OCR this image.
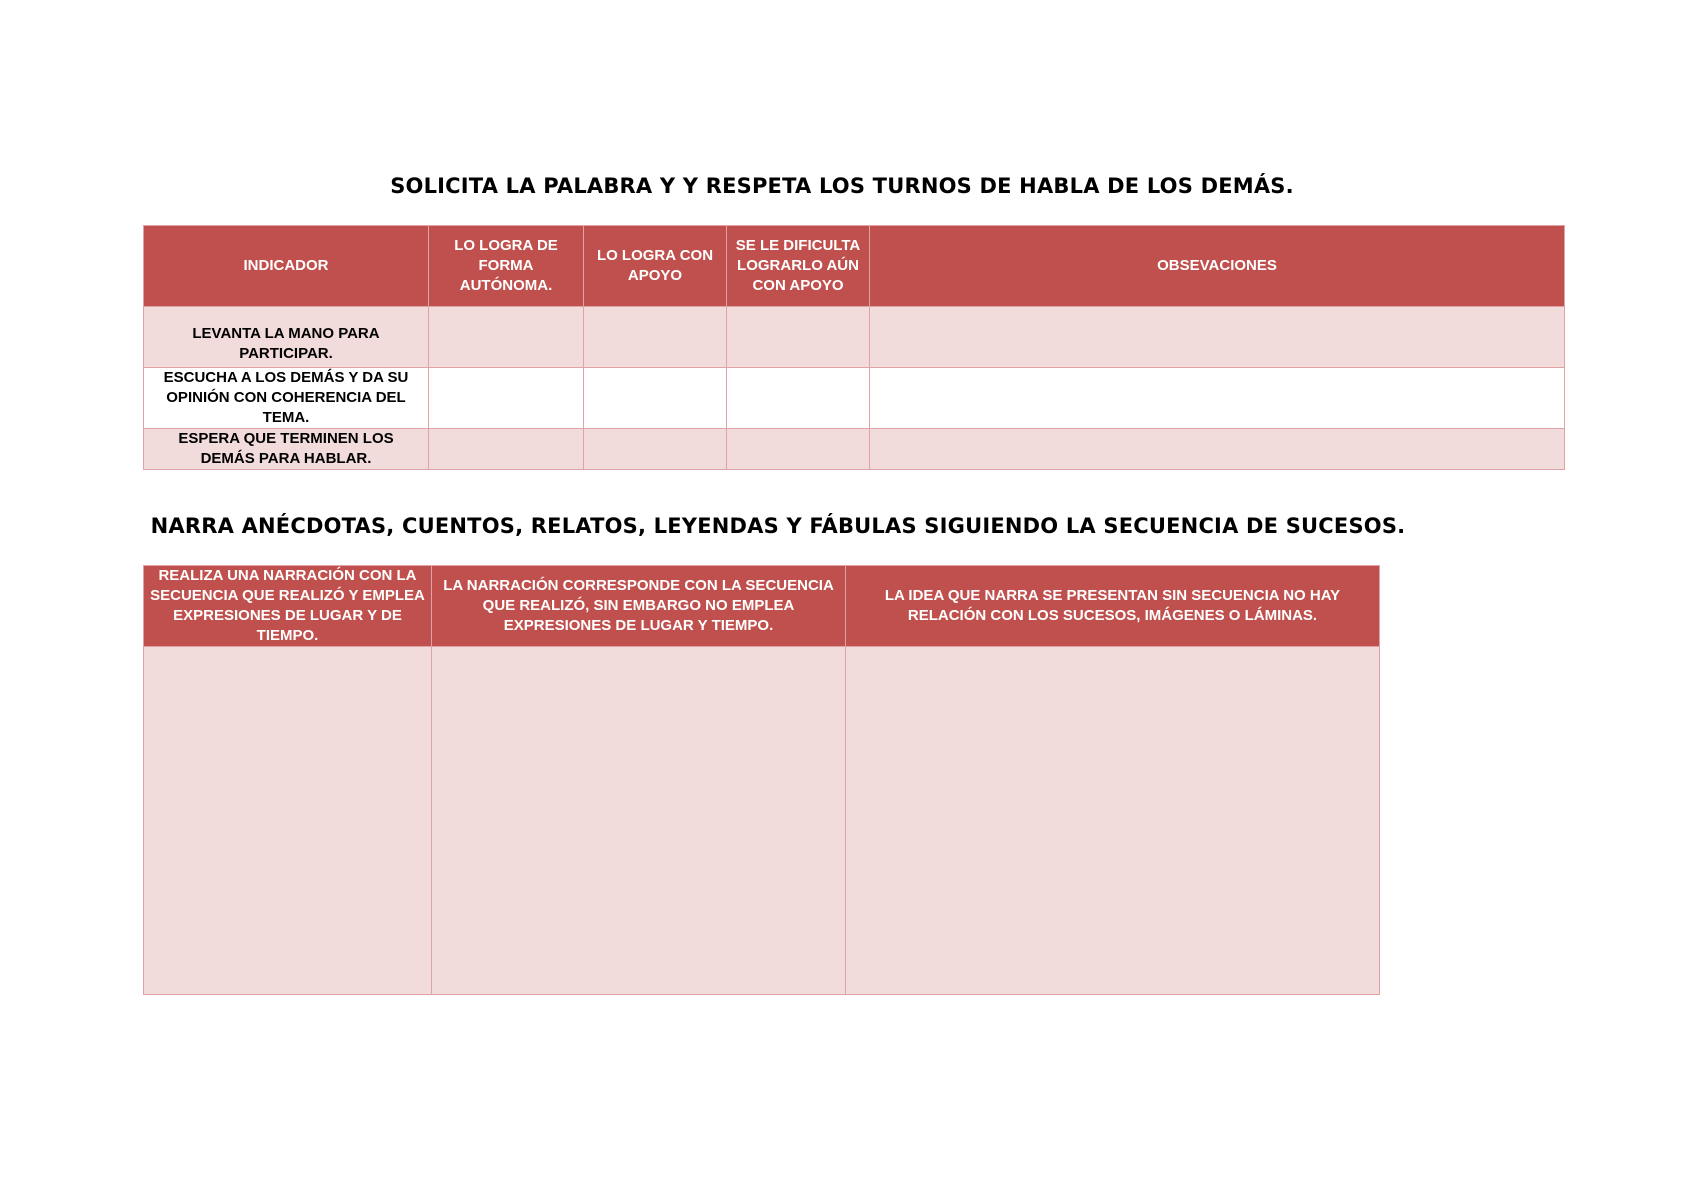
SOLICITA LA PALABRA Y Y RESPETA LOS TURNOS DE HABLA DE LOS DEMÁS.
INDICADOR	LO LOGRA DE FORMA AUTÓNOMA.	LO LOGRA CON APOYO	SE LE DIFICULTA LOGRARLO AÚN CON APOYO	OBSEVACIONES
LEVANTA LA MANO PARA PARTICIPAR.				
ESCUCHA A LOS DEMÁS Y DA SU OPINIÓN CON COHERENCIA DEL TEMA.				
ESPERA QUE TERMINEN LOS DEMÁS PARA HABLAR.				
NARRA ANÉCDOTAS, CUENTOS, RELATOS, LEYENDAS Y FÁBULAS SIGUIENDO LA SECUENCIA DE SUCESOS.
REALIZA UNA NARRACIÓN CON LA SECUENCIA QUE REALIZÓ Y EMPLEA EXPRESIONES DE LUGAR Y DE TIEMPO.	LA NARRACIÓN CORRESPONDE CON LA SECUENCIA QUE REALIZÓ, SIN EMBARGO NO EMPLEA EXPRESIONES DE LUGAR Y TIEMPO.	LA IDEA QUE NARRA SE PRESENTAN SIN SECUENCIA NO HAY RELACIÓN CON LOS SUCESOS, IMÁGENES O LÁMINAS.
